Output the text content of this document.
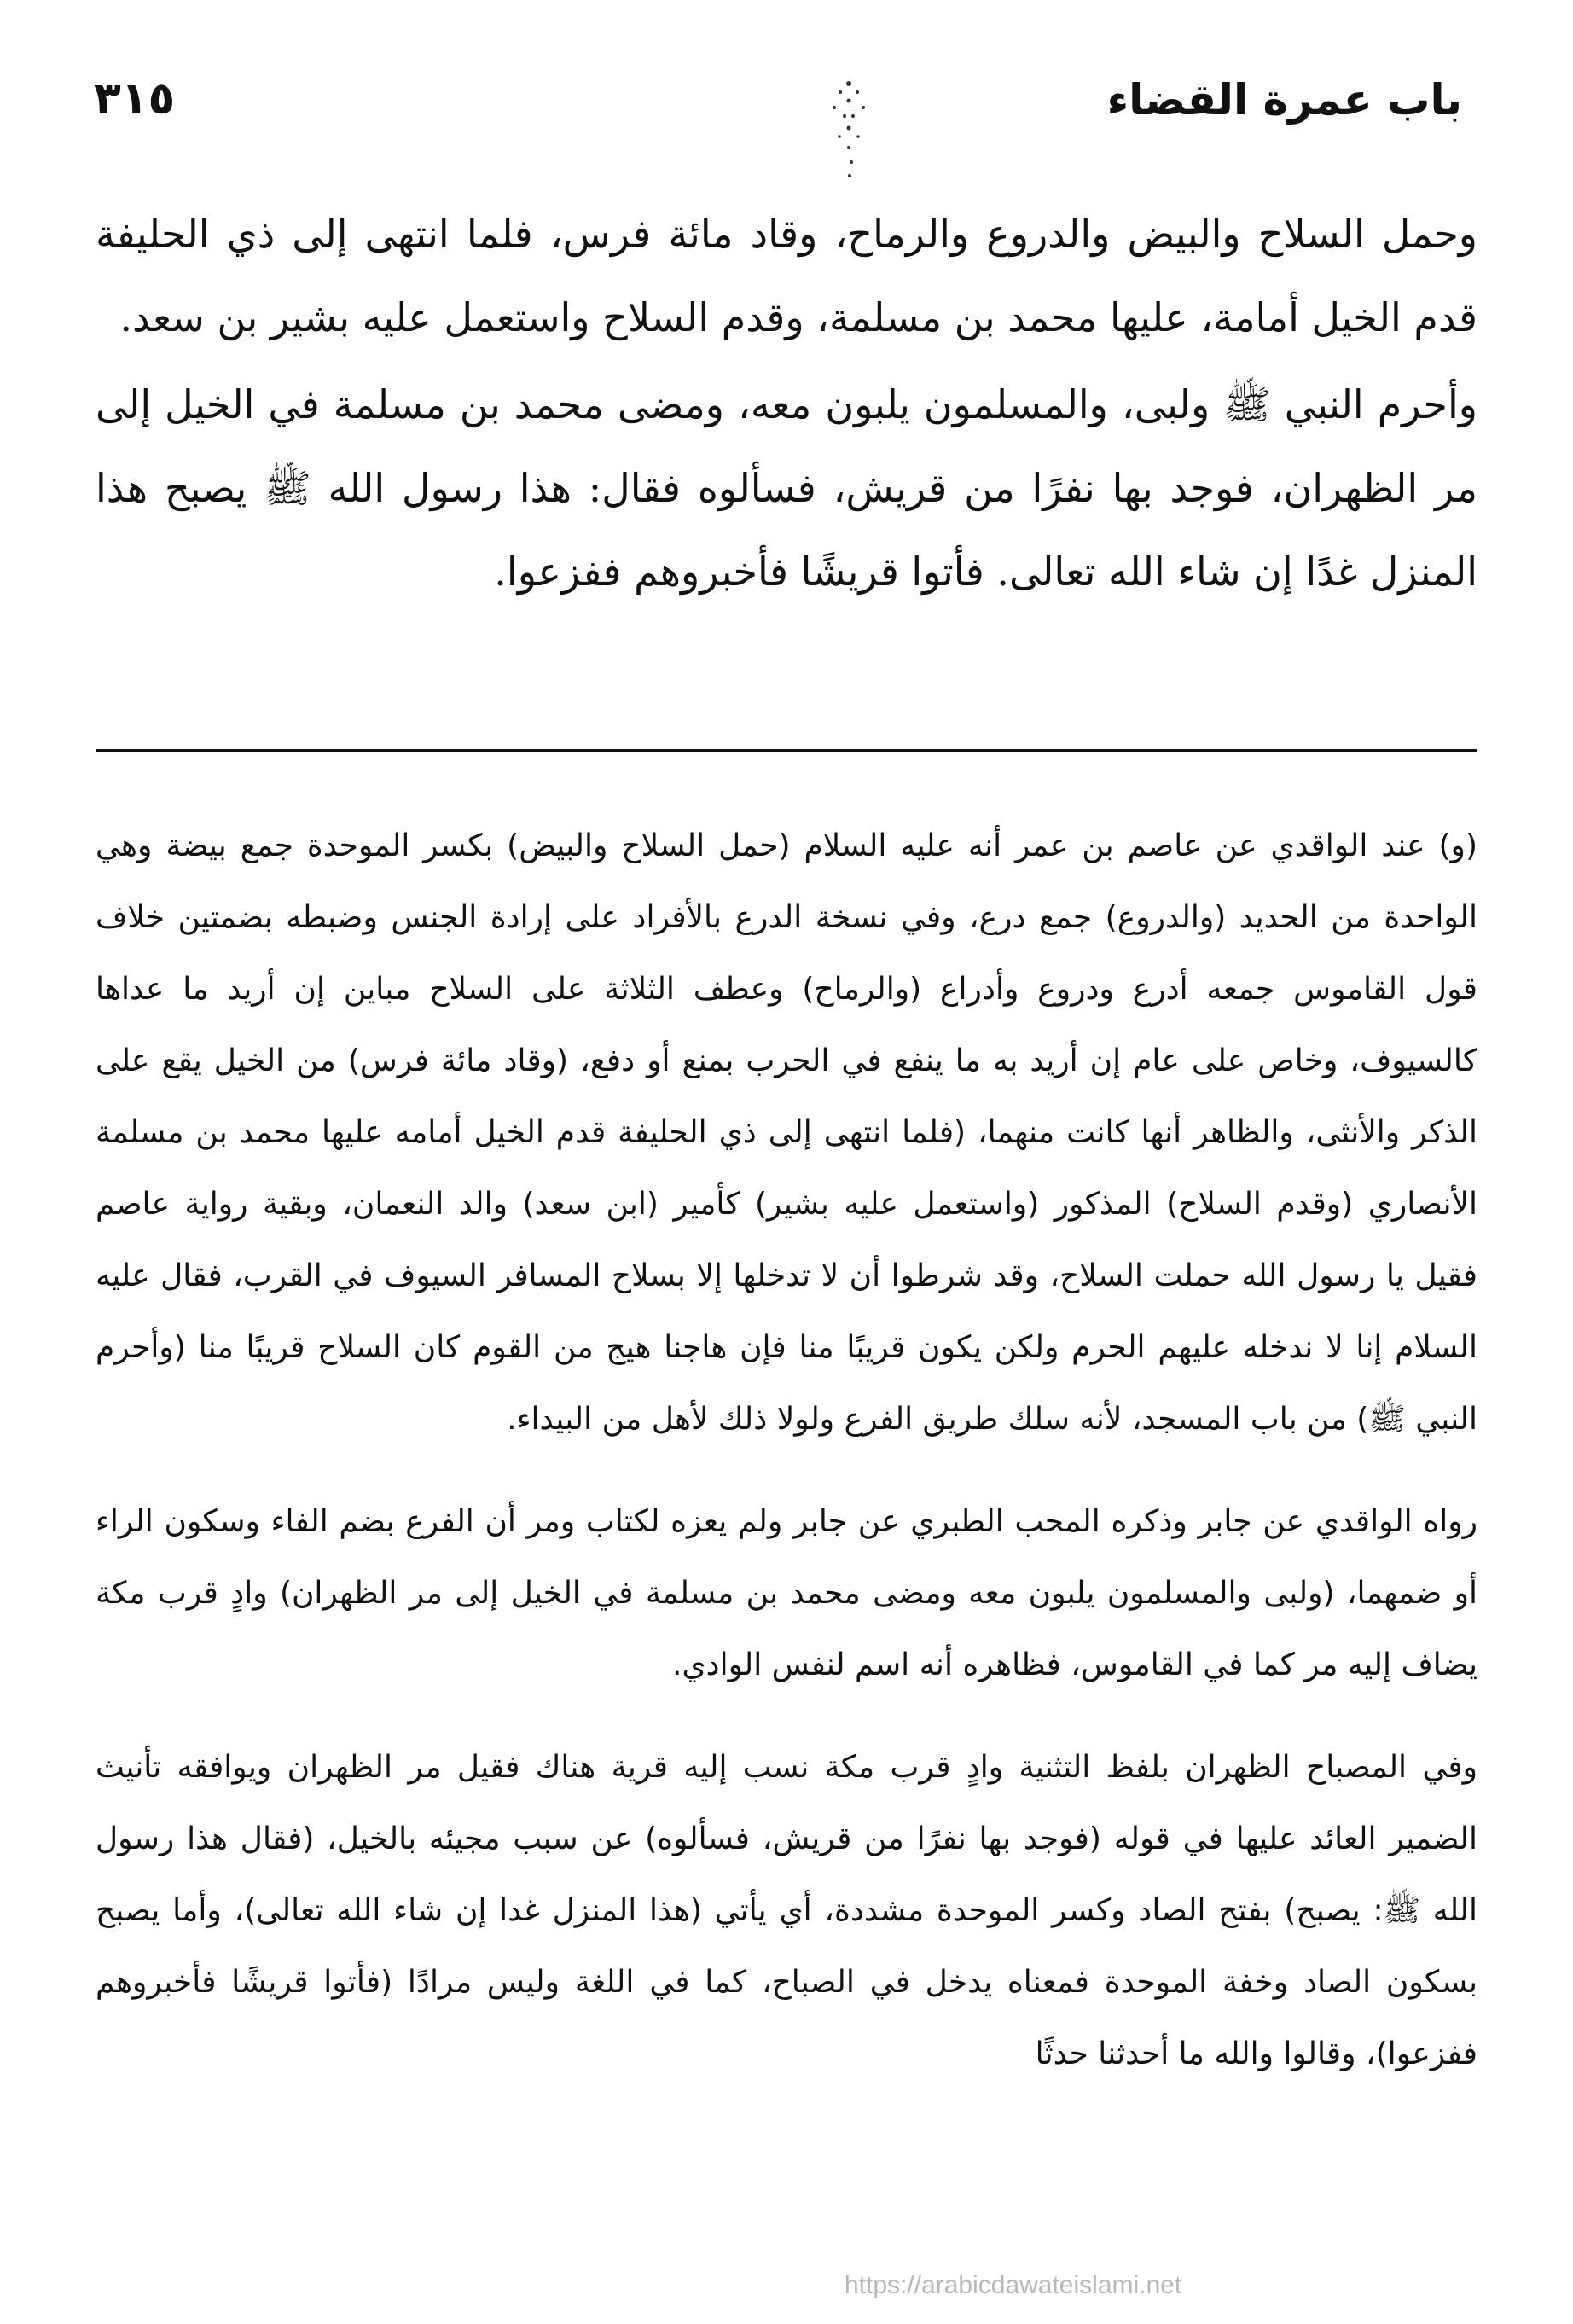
باب عمرة القضاء
٣١٥

وحمل السلاح والبيض والدروع والرماح، وقاد مائة فرس، فلما انتهى إلى ذي الحليفة قدم الخيل أمامة، عليها محمد بن مسلمة، وقدم السلاح واستعمل عليه بشير بن سعد.

وأحرم النبي ﷺ ولبى، والمسلمون يلبون معه، ومضى محمد بن مسلمة في الخيل إلى مر الظهران، فوجد بها نفرًا من قريش، فسألوه فقال: هذا رسول الله ﷺ يصبح هذا المنزل غدًا إن شاء الله تعالى. فأتوا قريشًا فأخبروهم ففزعوا.

(و) عند الواقدي عن عاصم بن عمر أنه عليه السلام (حمل السلاح والبيض) بكسر الموحدة جمع بيضة وهي الواحدة من الحديد (والدروع) جمع درع، وفي نسخة الدرع بالأفراد على إرادة الجنس وضبطه بضمتين خلاف قول القاموس جمعه أدرع ودروع وأدراع (والرماح) وعطف الثلاثة على السلاح مباين إن أريد ما عداها كالسيوف، وخاص على عام إن أريد به ما ينفع في الحرب بمنع أو دفع، (وقاد مائة فرس) من الخيل يقع على الذكر والأنثى، والظاهر أنها كانت منهما، (فلما انتهى إلى ذي الحليفة قدم الخيل أمامه عليها محمد بن مسلمة الأنصاري (وقدم السلاح) المذكور (واستعمل عليه بشير) كأمير (ابن سعد) والد النعمان، وبقية رواية عاصم فقيل يا رسول الله حملت السلاح، وقد شرطوا أن لا تدخلها إلا بسلاح المسافر السيوف في القرب، فقال عليه السلام إنا لا ندخله عليهم الحرم ولكن يكون قريبًا منا فإن هاجنا هيج من القوم كان السلاح قريبًا منا (وأحرم النبي ﷺ) من باب المسجد، لأنه سلك طريق الفرع ولولا ذلك لأهل من البيداء.

رواه الواقدي عن جابر وذكره المحب الطبري عن جابر ولم يعزه لكتاب ومر أن الفرع بضم الفاء وسكون الراء أو ضمهما، (ولبى والمسلمون يلبون معه ومضى محمد بن مسلمة في الخيل إلى مر الظهران) وادٍ قرب مكة يضاف إليه مر كما في القاموس، فظاهره أنه اسم لنفس الوادي.

وفي المصباح الظهران بلفظ التثنية وادٍ قرب مكة نسب إليه قرية هناك فقيل مر الظهران ويوافقه تأنيث الضمير العائد عليها في قوله (فوجد بها نفرًا من قريش، فسألوه) عن سبب مجيئه بالخيل، (فقال هذا رسول الله ﷺ: يصبح) بفتح الصاد وكسر الموحدة مشددة، أي يأتي (هذا المنزل غدا إن شاء الله تعالى)، وأما يصبح بسكون الصاد وخفة الموحدة فمعناه يدخل في الصباح، كما في اللغة وليس مرادًا (فأتوا قريشًا فأخبروهم ففزعوا)، وقالوا والله ما أحدثنا حدثًا

https://arabicdawateislami.net
